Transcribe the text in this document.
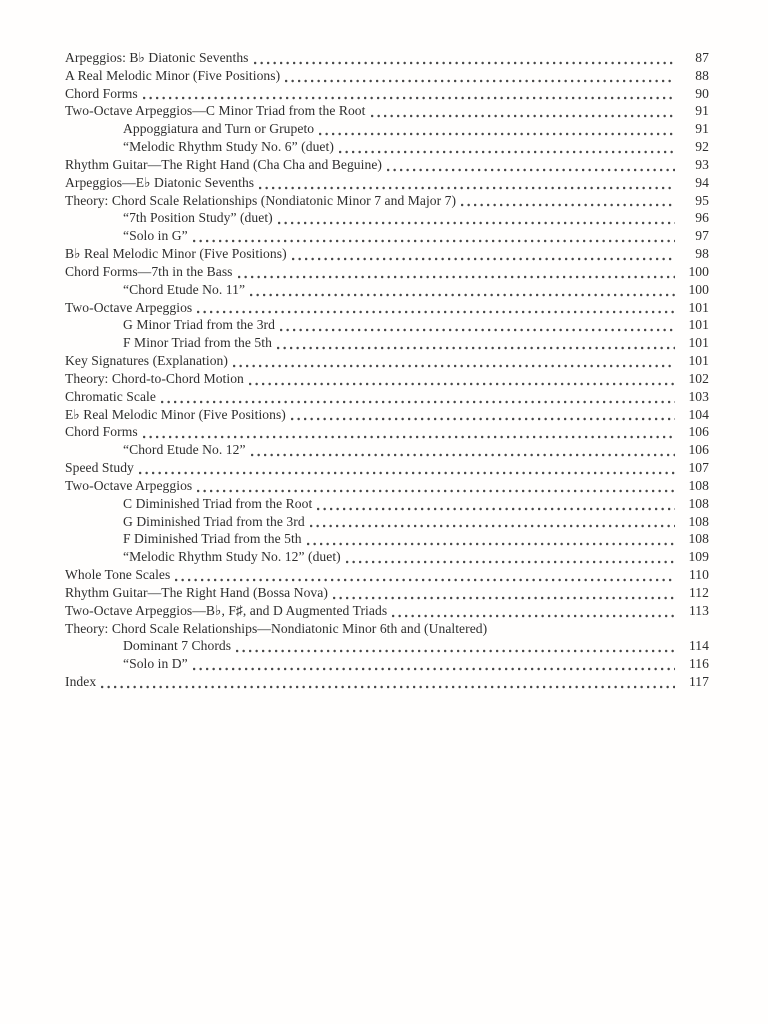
Arpeggios: B♭ Diatonic Sevenths	87
A Real Melodic Minor (Five Positions)	88
Chord Forms	90
Two-Octave Arpeggios—C Minor Triad from the Root	91
Appoggiatura and Turn or Grupeto	91
“Melodic Rhythm Study No. 6” (duet)	92
Rhythm Guitar—The Right Hand (Cha Cha and Beguine)	93
Arpeggios—E♭ Diatonic Sevenths	94
Theory: Chord Scale Relationships (Nondiatonic Minor 7 and Major 7)	95
“7th Position Study” (duet)	96
“Solo in G”	97
B♭ Real Melodic Minor (Five Positions)	98
Chord Forms—7th in the Bass	100
“Chord Etude No. 11”	100
Two-Octave Arpeggios	101
G Minor Triad from the 3rd	101
F Minor Triad from the 5th	101
Key Signatures (Explanation)	101
Theory: Chord-to-Chord Motion	102
Chromatic Scale	103
E♭ Real Melodic Minor (Five Positions)	104
Chord Forms	106
“Chord Etude No. 12”	106
Speed Study	107
Two-Octave Arpeggios	108
C Diminished Triad from the Root	108
G Diminished Triad from the 3rd	108
F Diminished Triad from the 5th	108
“Melodic Rhythm Study No. 12” (duet)	109
Whole Tone Scales	110
Rhythm Guitar—The Right Hand (Bossa Nova)	112
Two-Octave Arpeggios—B♭, F♯, and D Augmented Triads	113
Theory: Chord Scale Relationships—Nondiatonic Minor 6th and (Unaltered)
Dominant 7 Chords	114
“Solo in D”	116
Index	117
